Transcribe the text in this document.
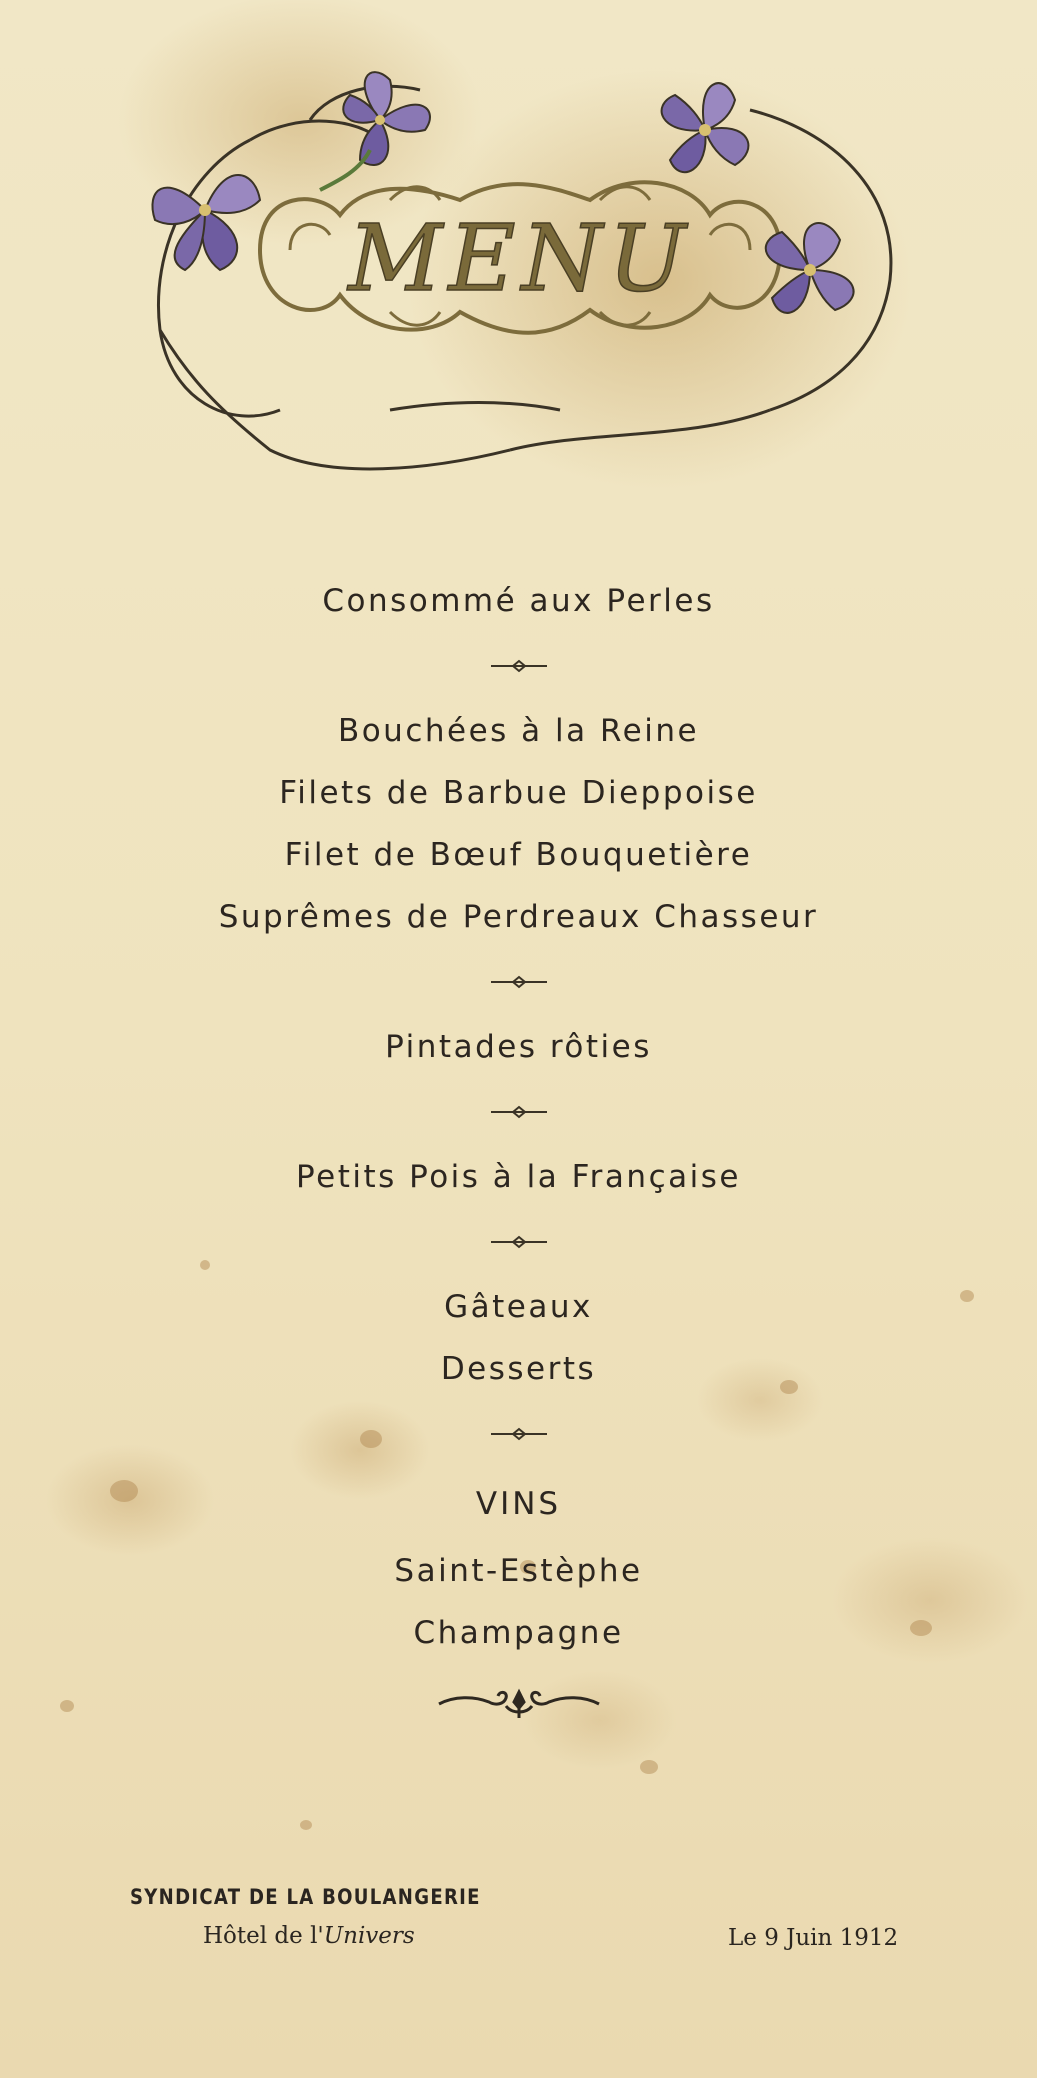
MENU
Consommé aux Perles
Bouchées à la Reine
Filets de Barbue Dieppoise
Filet de Bœuf Bouquetière
Suprêmes de Perdreaux Chasseur
Pintades rôties
Petits Pois à la Française
Gâteaux
Desserts
VINS
Saint-Estèphe
Champagne
SYNDICAT DE LA BOULANGERIE
Hôtel de l'Univers	Le 9 Juin 1912
